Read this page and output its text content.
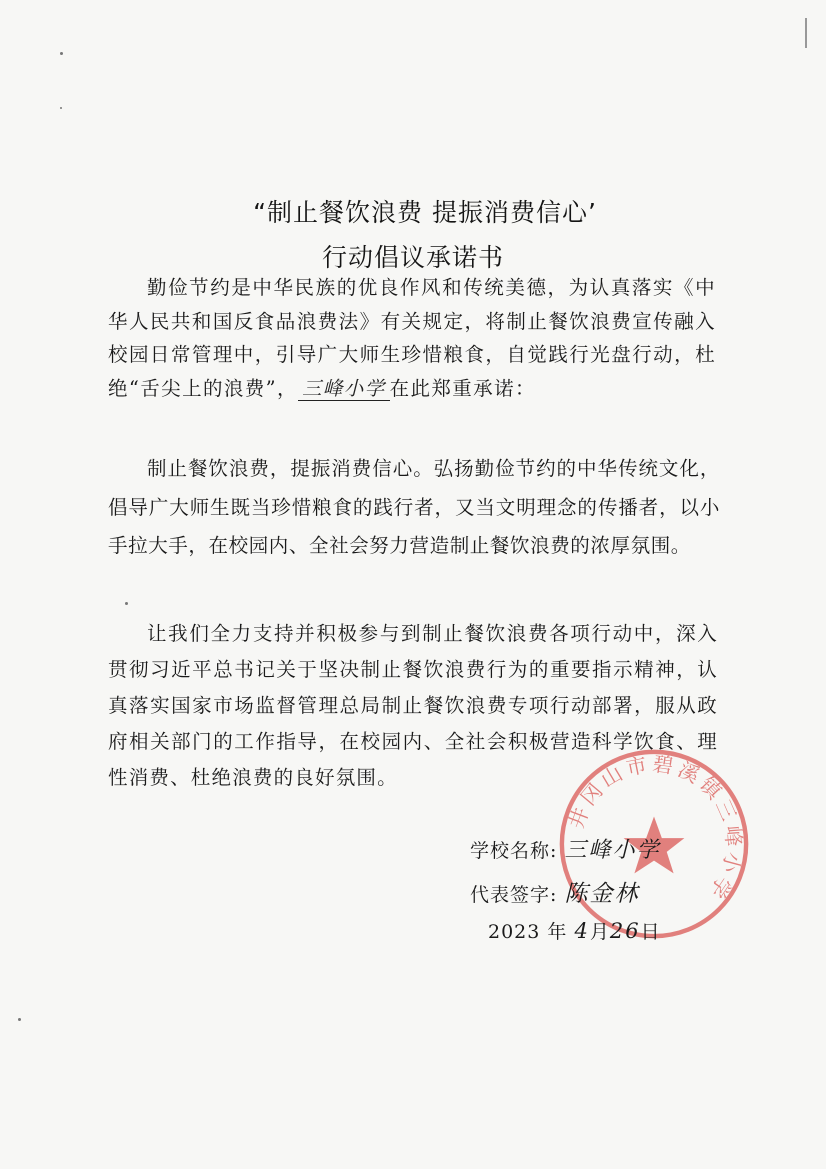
“制止餐饮浪费 提振消费信心’
行动倡议承诺书

勤俭节约是中华民族的优良作风和传统美德，为认真落实《中华人民共和国反食品浪费法》有关规定，将制止餐饮浪费宣传融入校园日常管理中，引导广大师生珍惜粮食，自觉践行光盘行动，杜绝“舌尖上的浪费”， 三峰小学 在此郑重承诺：

制止餐饮浪费，提振消费信心。弘扬勤俭节约的中华传统文化，倡导广大师生既当珍惜粮食的践行者，又当文明理念的传播者，以小手拉大手，在校园内、全社会努力营造制止餐饮浪费的浓厚氛围。

让我们全力支持并积极参与到制止餐饮浪费各项行动中，深入贯彻习近平总书记关于坚决制止餐饮浪费行为的重要指示精神，认真落实国家市场监督管理总局制止餐饮浪费专项行动部署，服从政府相关部门的工作指导，在校园内、全社会积极营造科学饮食、理性消费、杜绝浪费的良好氛围。

井冈山市碧溪镇三峰小学
学校名称: 三峰小学
代表签字: 陈金林
2023 年 4月26日
